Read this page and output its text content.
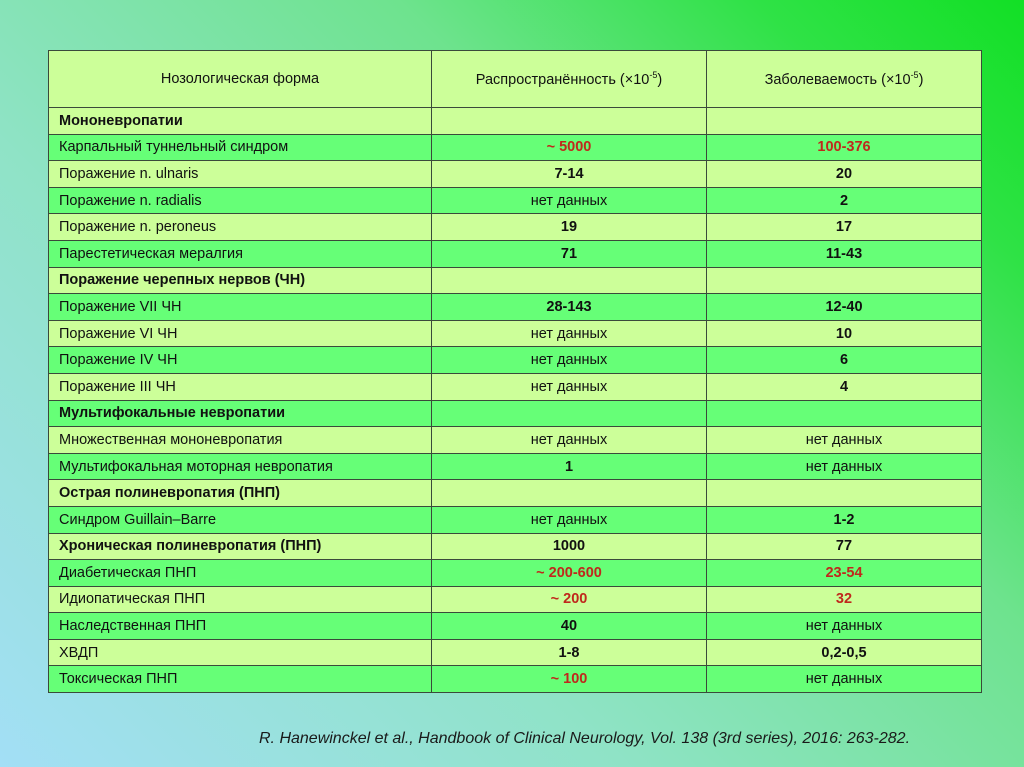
Нозологическая форма	Распространённость $(\times 10^{-5})$	Заболеваемость $(\times 10^{-5})$
Мононевропатии		
Карпальный туннельный синдром	~ 5000	100-376
Поражение n. ulnaris	7-14	20
Поражение n. radialis	нет данных	2
Поражение n. peroneus	19	17
Парестетическая мералгия	71	11-43
Поражение черепных нервов (ЧН)		
Поражение VII ЧН	28-143	12-40
Поражение VI ЧН	нет данных	10
Поражение IV ЧН	нет данных	6
Поражение III ЧН	нет данных	4
Мультифокальные невропатии		
Множественная мононевропатия	нет данных	нет данных
Мультифокальная моторная невропатия	1	нет данных
Острая полиневропатия (ПНП)		
Синдром Guillain–Barre	нет данных	1-2
Хроническая полиневропатия (ПНП)	1000	77
Диабетическая ПНП	~ 200-600	23-54
Идиопатическая ПНП	~ 200	32
Наследственная ПНП	40	нет данных
ХВДП	1-8	0,2-0,5
Токсическая ПНП	~ 100	нет данных
R. Hanewinckel et al., Handbook of Clinical Neurology, Vol. 138 (3rd series), 2016: 263-282.
